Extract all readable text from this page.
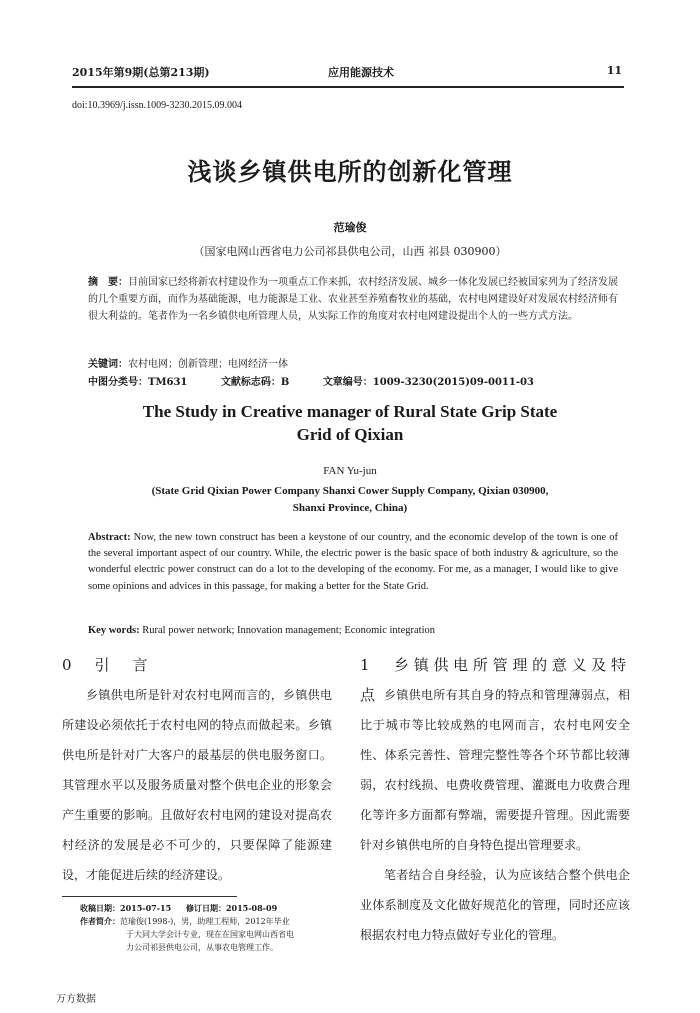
2015年第9期(总第213期)	应用能源技术	11
doi:10.3969/j.issn.1009-3230.2015.09.004
浅谈乡镇供电所的创新化管理
范瑜俊
（国家电网山西省电力公司祁县供电公司，山西 祁县 030900）
摘　要：目前国家已经将新农村建设作为一项重点工作来抓，农村经济发展、城乡一体化发展已经被国家列为了经济发展的几个重要方面，而作为基础能源，电力能源是工业、农业甚至养殖畜牧业的基础，农村电网建设好对发展农村经济师有很大利益的。笔者作为一名乡镇供电所管理人员，从实际工作的角度对农村电网建设提出个人的一些方式方法。
关键词：农村电网；创新管理；电网经济一体
中图分类号：TM631	文献标志码：B	文章编号：1009-3230(2015)09-0011-03
The Study in Creative manager of Rural State Grip State
Grid of Qixian
FAN Yu-jun
(State Grid Qixian Power Company Shanxi Cower Supply Company, Qixian 030900,
Shanxi Province, China)
Abstract: Now, the new town construct has been a keystone of our country, and the economic develop of the town is one of the several important aspect of our country. While, the electric power is the basic space of both industry & agriculture, so the wonderful electric power construct can do a lot to the developing of the economy. For me, as a manager, I would like to give some opinions and advices in this passage, for making a better for the State Grid.
Key words: Rural power network; Innovation management; Economic integration
0　引　言

乡镇供电所是针对农村电网而言的，乡镇供电所建设必须依托于农村电网的特点而做起来。乡镇供电所是针对广大客户的最基层的供电服务窗口。其管理水平以及服务质量对整个供电企业的形象会产生重要的影响。且做好农村电网的建设对提高农村经济的发展是必不可少的，只要保障了能源建设，才能促进后续的经济建设。

1　乡镇供电所管理的意义及特点 乡镇供电所有其自身的特点和管理薄弱点，相比于城市等比较成熟的电网而言，农村电网安全性、体系完善性、管理完整性等各个环节都比较薄弱，农村线损、电费收费管理、灌溉电力收费合理化等许多方面都有弊端，需要提升管理。因此需要针对乡镇供电所的自身特色提出管理要求。

笔者结合自身经验，认为应该结合整个供电企业体系制度及文化做好规范化的管理，同时还应该根据农村电力特点做好专业化的管理。

收稿日期：2015-07-15 修订日期：2015-08-09

作者简介：范瑜俊(1998-)，男，助理工程师，2012年毕业

于大同大学会计专业，现在在国家电网山西省电

力公司祁县供电公司，从事农电管理工作。

万方数据
